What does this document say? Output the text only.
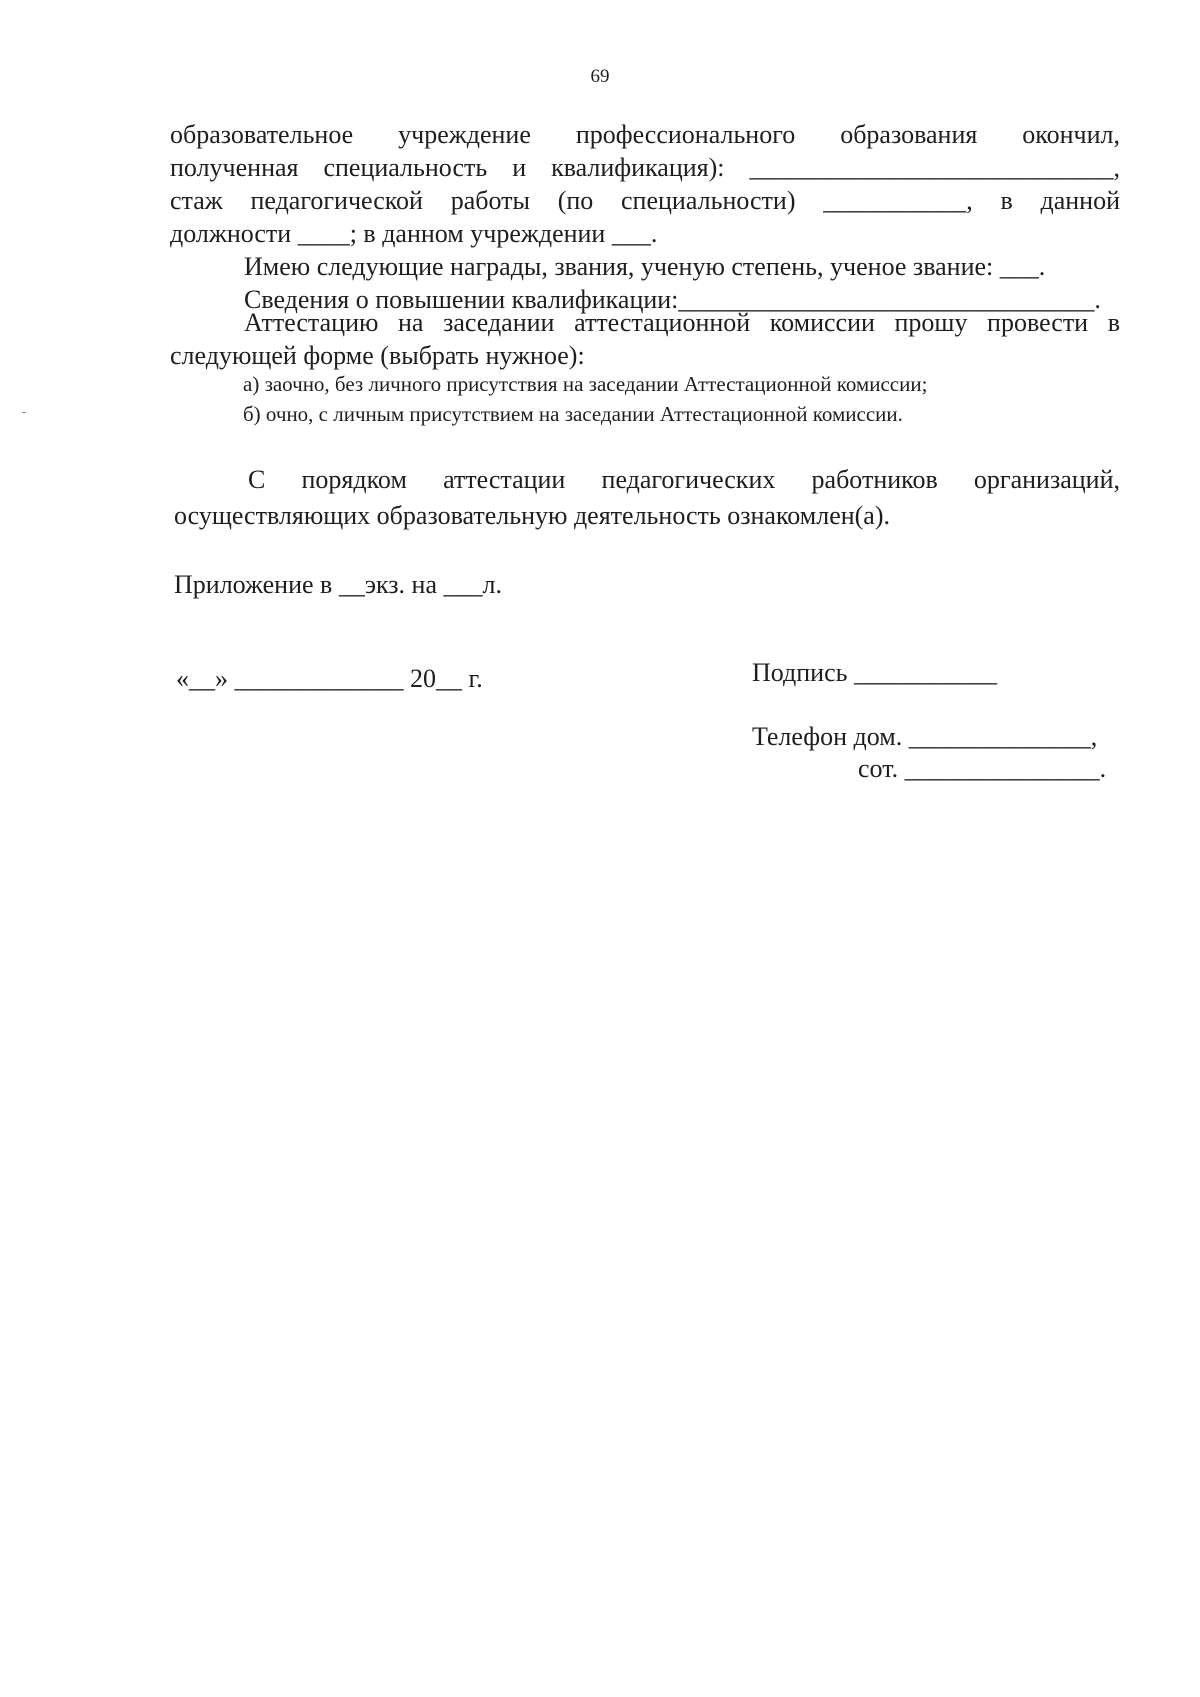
69
образовательное учреждение профессионального образования окончил,
полученная специальность и квалификация): ____________________________,
стаж педагогической работы (по специальности) ___________, в данной
должности ____; в данном учреждении ___.
Имею следующие награды, звания, ученую степень, ученое звание: ___.
Сведения о повышении квалификации:________________________________.
Аттестацию на заседании аттестационной комиссии прошу провести в
следующей форме (выбрать нужное):
а) заочно, без личного присутствия на заседании Аттестационной комиссии;
б) очно, с личным присутствием на заседании Аттестационной комиссии.
С порядком аттестации педагогических работников организаций,
осуществляющих образовательную деятельность ознакомлен(а).
Приложение в __экз. на ___л.
«__» _____________ 20__ г.	Подпись ___________
Телефон дом. ______________,
сот. _______________.
